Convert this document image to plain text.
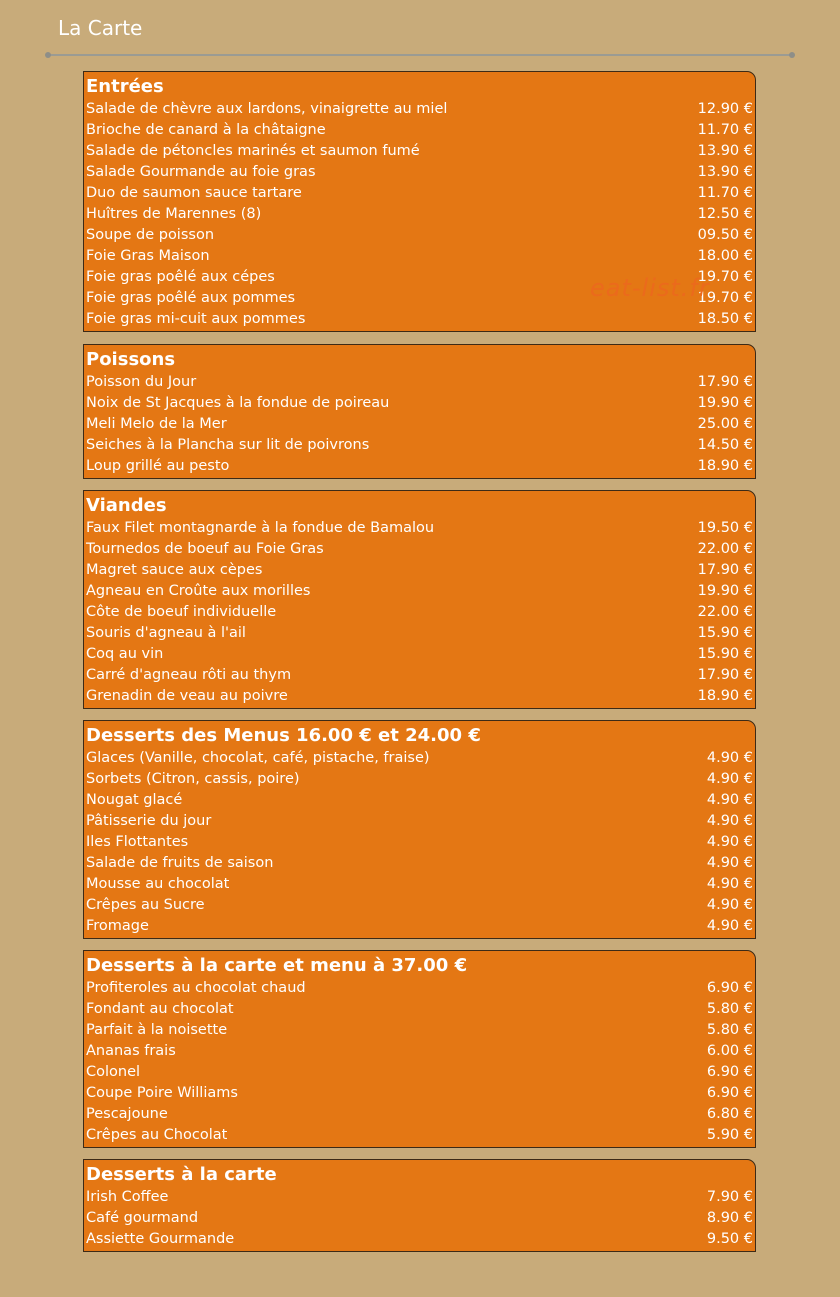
La Carte
Entrées
Salade de chèvre aux lardons, vinaigrette au miel	12.90 €
Brioche de canard à la châtaigne	11.70 €
Salade de pétoncles marinés et saumon fumé	13.90 €
Salade Gourmande au foie gras	13.90 €
Duo de saumon sauce tartare	11.70 €
Huîtres de Marennes (8)	12.50 €
Soupe de poisson	09.50 €
Foie Gras Maison	18.00 €
Foie gras poêlé aux cépes	19.70 €
Foie gras poêlé aux pommes	19.70 €
Foie gras mi-cuit aux pommes	18.50 €
Poissons
Poisson du Jour	17.90 €
Noix de St Jacques à la fondue de poireau	19.90 €
Meli Melo de la Mer	25.00 €
Seiches à la Plancha sur lit de poivrons	14.50 €
Loup grillé au pesto	18.90 €
Viandes
Faux Filet montagnarde à la fondue de Bamalou	19.50 €
Tournedos de boeuf au Foie Gras	22.00 €
Magret sauce aux cèpes	17.90 €
Agneau en Croûte aux morilles	19.90 €
Côte de boeuf individuelle	22.00 €
Souris d'agneau à l'ail	15.90 €
Coq au vin	15.90 €
Carré d'agneau rôti au thym	17.90 €
Grenadin de veau au poivre	18.90 €
Desserts des Menus 16.00 € et 24.00 €
Glaces (Vanille, chocolat, café, pistache, fraise)	4.90 €
Sorbets (Citron, cassis, poire)	4.90 €
Nougat glacé	4.90 €
Pâtisserie du jour	4.90 €
Iles Flottantes	4.90 €
Salade de fruits de saison	4.90 €
Mousse au chocolat	4.90 €
Crêpes au Sucre	4.90 €
Fromage	4.90 €
Desserts à la carte et menu à 37.00 €
Profiteroles au chocolat chaud	6.90 €
Fondant au chocolat	5.80 €
Parfait à la noisette	5.80 €
Ananas frais	6.00 €
Colonel	6.90 €
Coupe Poire Williams	6.90 €
Pescajoune	6.80 €
Crêpes au Chocolat	5.90 €
Desserts à la carte
Irish Coffee	7.90 €
Café gourmand	8.90 €
Assiette Gourmande	9.50 €
eat-list.fr
